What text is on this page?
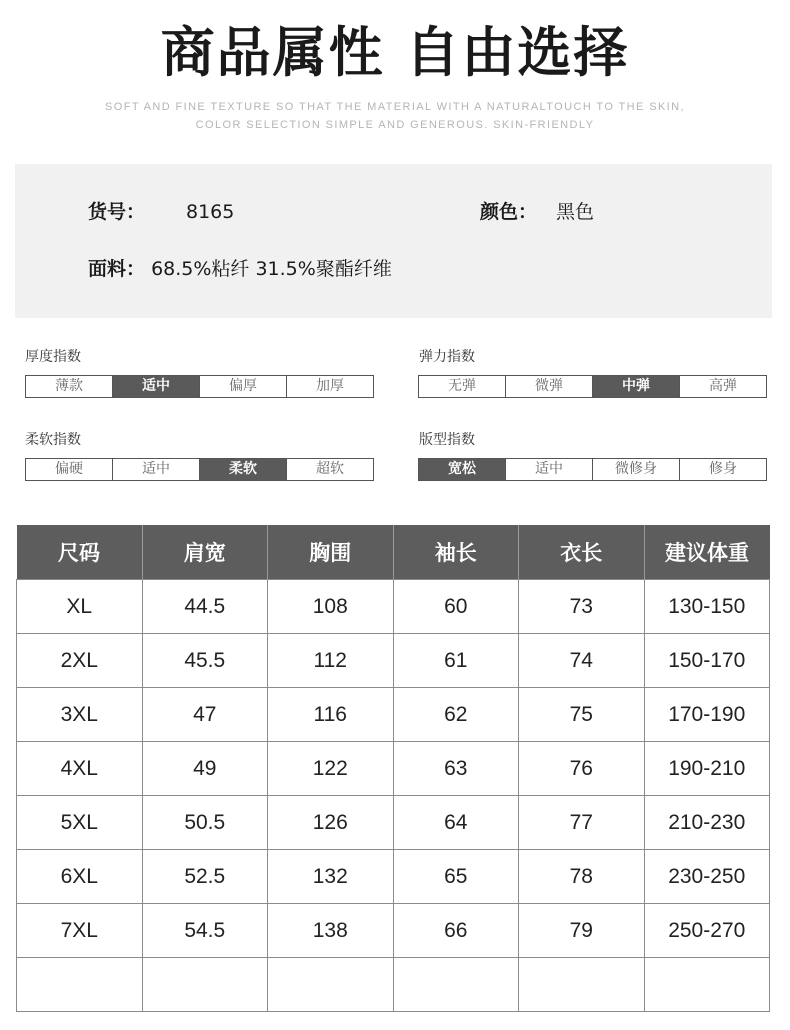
商品属性 自由选择
SOFT AND FINE TEXTURE SO THAT THE MATERIAL WITH A NATURALTOUCH TO THE SKIN,
COLOR SELECTION SIMPLE AND GENEROUS. SKIN-FRIENDLY
货号： 8165	颜色： 黑色
面料： 68.5%粘纤 31.5%聚酯纤维
厚度指数
薄款	适中	偏厚	加厚
弹力指数
无弹	微弹	中弹	高弹
柔软指数
偏硬	适中	柔软	超软
版型指数
宽松	适中	微修身	修身
尺码	肩宽	胸围	袖长	衣长	建议体重
XL	44.5	108	60	73	130-150
2XL	45.5	112	61	74	150-170
3XL	47	116	62	75	170-190
4XL	49	122	63	76	190-210
5XL	50.5	126	64	77	210-230
6XL	52.5	132	65	78	230-250
7XL	54.5	138	66	79	250-270
